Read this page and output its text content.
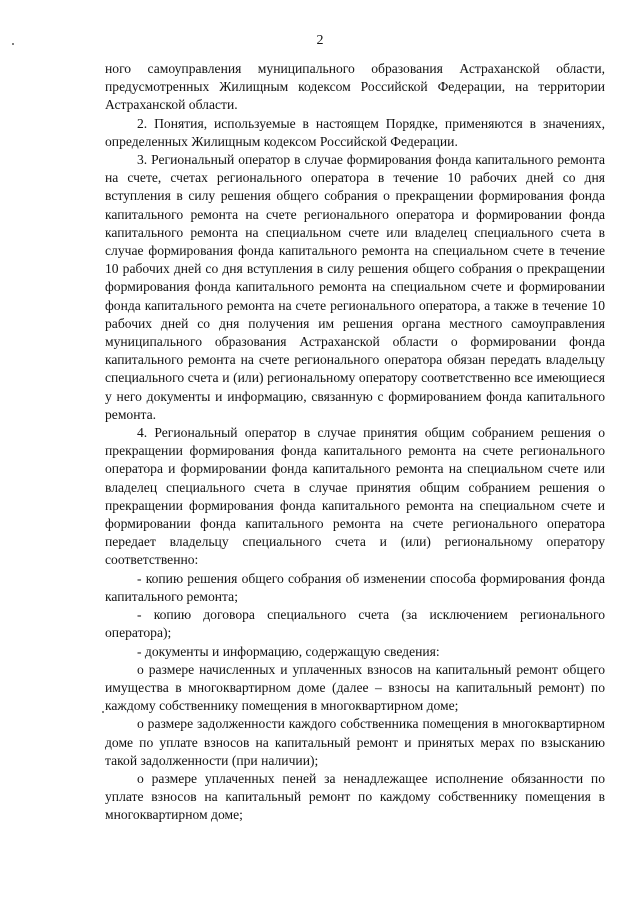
2

ного самоуправления муниципального образования Астраханской области, предусмотренных Жилищным кодексом Российской Федерации, на территории Астраханской области.

2. Понятия, используемые в настоящем Порядке, применяются в значениях, определенных Жилищным кодексом Российской Федерации.

3. Региональный оператор в случае формирования фонда капитального ремонта на счете, счетах регионального оператора в течение 10 рабочих дней со дня вступления в силу решения общего собрания о прекращении формирования фонда капитального ремонта на счете регионального оператора и формировании фонда капитального ремонта на специальном счете или владелец специального счета в случае формирования фонда капитального ремонта на специальном счете в течение 10 рабочих дней со дня вступления в силу решения общего собрания о прекращении формирования фонда капитального ремонта на специальном счете и формировании фонда капитального ремонта на счете регионального оператора, а также в течение 10 рабочих дней со дня получения им решения органа местного самоуправления муниципального образования Астраханской области о формировании фонда капитального ремонта на счете регионального оператора обязан передать владельцу специального счета и (или) региональному оператору соответственно все имеющиеся у него документы и информацию, связанную с формированием фонда капитального ремонта.

4. Региональный оператор в случае принятия общим собранием решения о прекращении формирования фонда капитального ремонта на счете регионального оператора и формировании фонда капитального ремонта на специальном счете или владелец специального счета в случае принятия общим собранием решения о прекращении формирования фонда капитального ремонта на специальном счете и формировании фонда капитального ремонта на счете регионального оператора передает владельцу специального счета и (или) региональному оператору соответственно:

- копию решения общего собрания об изменении способа формирования фонда капитального ремонта;

- копию договора специального счета (за исключением регионального оператора);

- документы и информацию, содержащую сведения:

о размере начисленных и уплаченных взносов на капитальный ремонт общего имущества в многоквартирном доме (далее – взносы на капитальный ремонт) по каждому собственнику помещения в многоквартирном доме;

о размере задолженности каждого собственника помещения в многоквартирном доме по уплате взносов на капитальный ремонт и принятых мерах по взысканию такой задолженности (при наличии);

о размере уплаченных пеней за ненадлежащее исполнение обязанности по уплате взносов на капитальный ремонт по каждому собственнику помещения в многоквартирном доме;
